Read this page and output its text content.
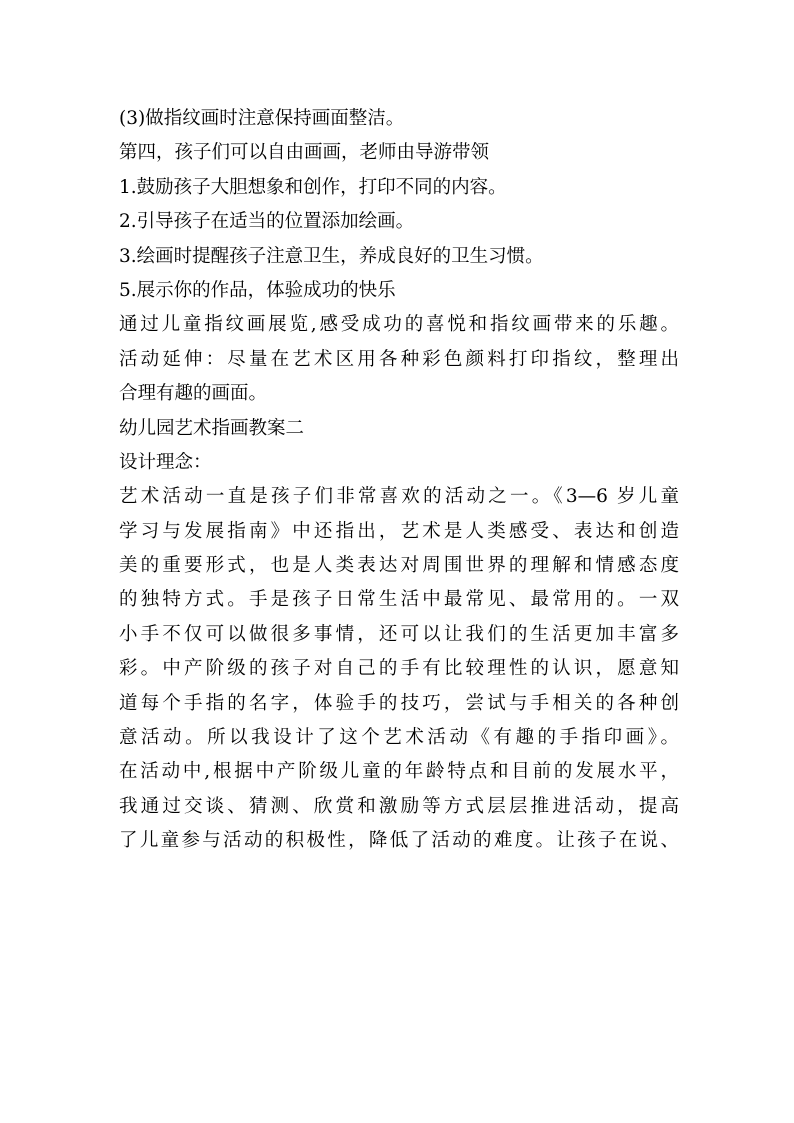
(3)做指纹画时注意保持画面整洁。
第四，孩子们可以自由画画，老师由导游带领
1.鼓励孩子大胆想象和创作，打印不同的内容。
2.引导孩子在适当的位置添加绘画。
3.绘画时提醒孩子注意卫生，养成良好的卫生习惯。
5.展示你的作品，体验成功的快乐
通过儿童指纹画展览,感受成功的喜悦和指纹画带来的乐趣。
活动延伸：尽量在艺术区用各种彩色颜料打印指纹，整理出
合理有趣的画面。
幼儿园艺术指画教案二
设计理念：
艺术活动一直是孩子们非常喜欢的活动之一。《3—6 岁儿童
学习与发展指南》中还指出，艺术是人类感受、表达和创造
美的重要形式，也是人类表达对周围世界的理解和情感态度
的独特方式。手是孩子日常生活中最常见、最常用的。一双
小手不仅可以做很多事情，还可以让我们的生活更加丰富多
彩。中产阶级的孩子对自己的手有比较理性的认识，愿意知
道每个手指的名字，体验手的技巧，尝试与手相关的各种创
意活动。所以我设计了这个艺术活动《有趣的手指印画》。
在活动中,根据中产阶级儿童的年龄特点和目前的发展水平，
我通过交谈、猜测、欣赏和激励等方式层层推进活动，提高
了儿童参与活动的积极性，降低了活动的难度。让孩子在说、
